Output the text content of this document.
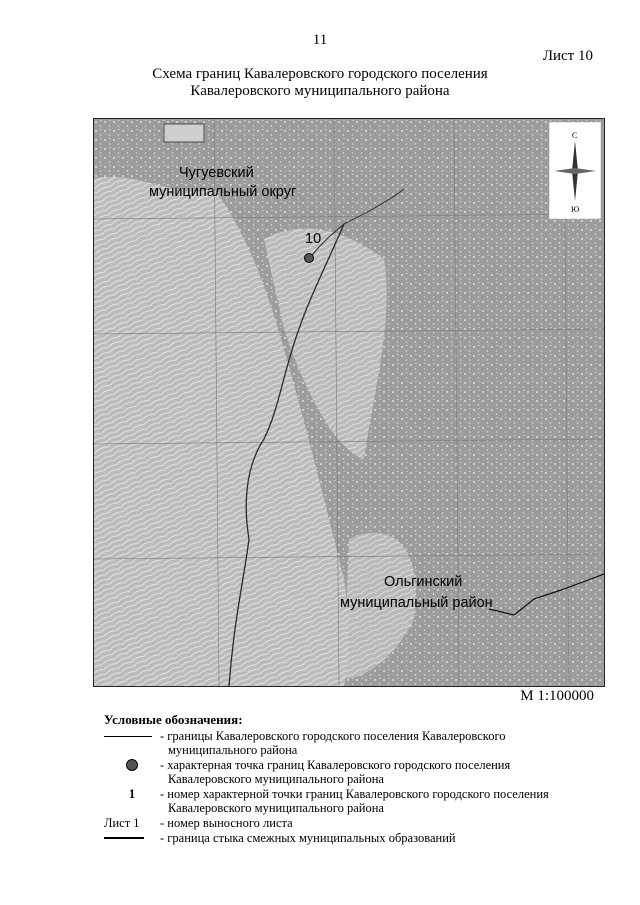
11
Лист 10
Схема границ Кавалеровского городского поселения
Кавалеровского муниципального района
10
Чугуевский
муниципальный округ
Ольгинский
муниципальный район
С
Ю
М 1:100000
Условные обозначения:
- границы Кавалеровского городского поселения Кавалеровского
муниципального района
- характерная точка границ Кавалеровского городского поселения
Кавалеровского муниципального района
1	- номер характерной точки границ Кавалеровского городского поселения
Кавалеровского муниципального района
Лист 1	- номер выносного листа
- граница стыка смежных муниципальных образований
